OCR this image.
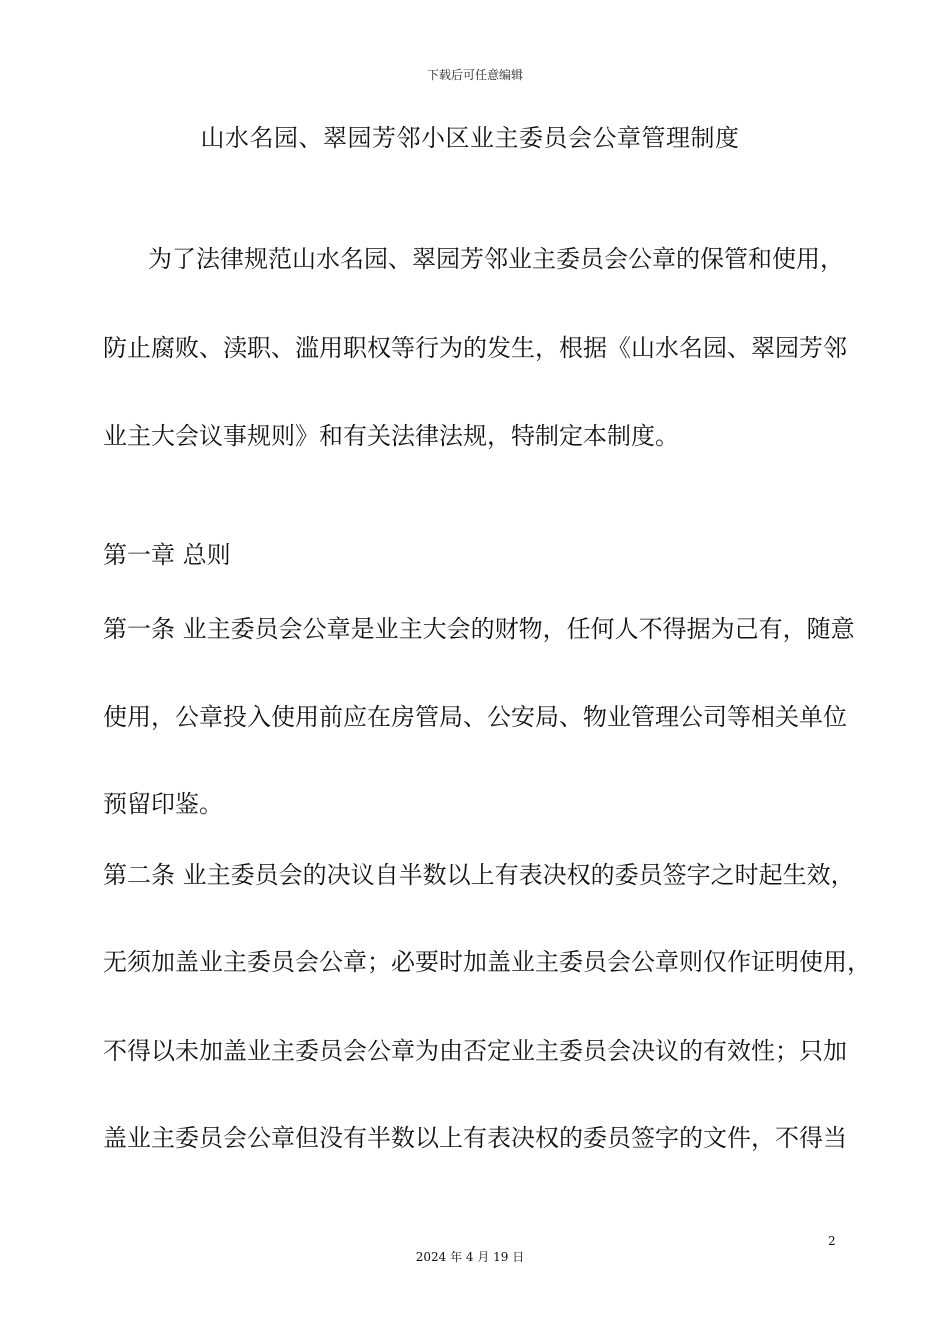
下载后可任意编辑
山水名园、翠园芳邻小区业主委员会公章管理制度

为了法律规范山水名园、翠园芳邻业主委员会公章的保管和使用，

防止腐败、渎职、滥用职权等行为的发生，根据《山水名园、翠园芳邻

业主大会议事规则》和有关法律法规，特制定本制度。

第一章 总则

第一条 业主委员会公章是业主大会的财物，任何人不得据为己有，随意

使用，公章投入使用前应在房管局、公安局、物业管理公司等相关单位

预留印鉴。

第二条 业主委员会的决议自半数以上有表决权的委员签字之时起生效，

无须加盖业主委员会公章；必要时加盖业主委员会公章则仅作证明使用，

不得以未加盖业主委员会公章为由否定业主委员会决议的有效性；只加

盖业主委员会公章但没有半数以上有表决权的委员签字的文件，不得当

2
2024 年 4 月 19 日
